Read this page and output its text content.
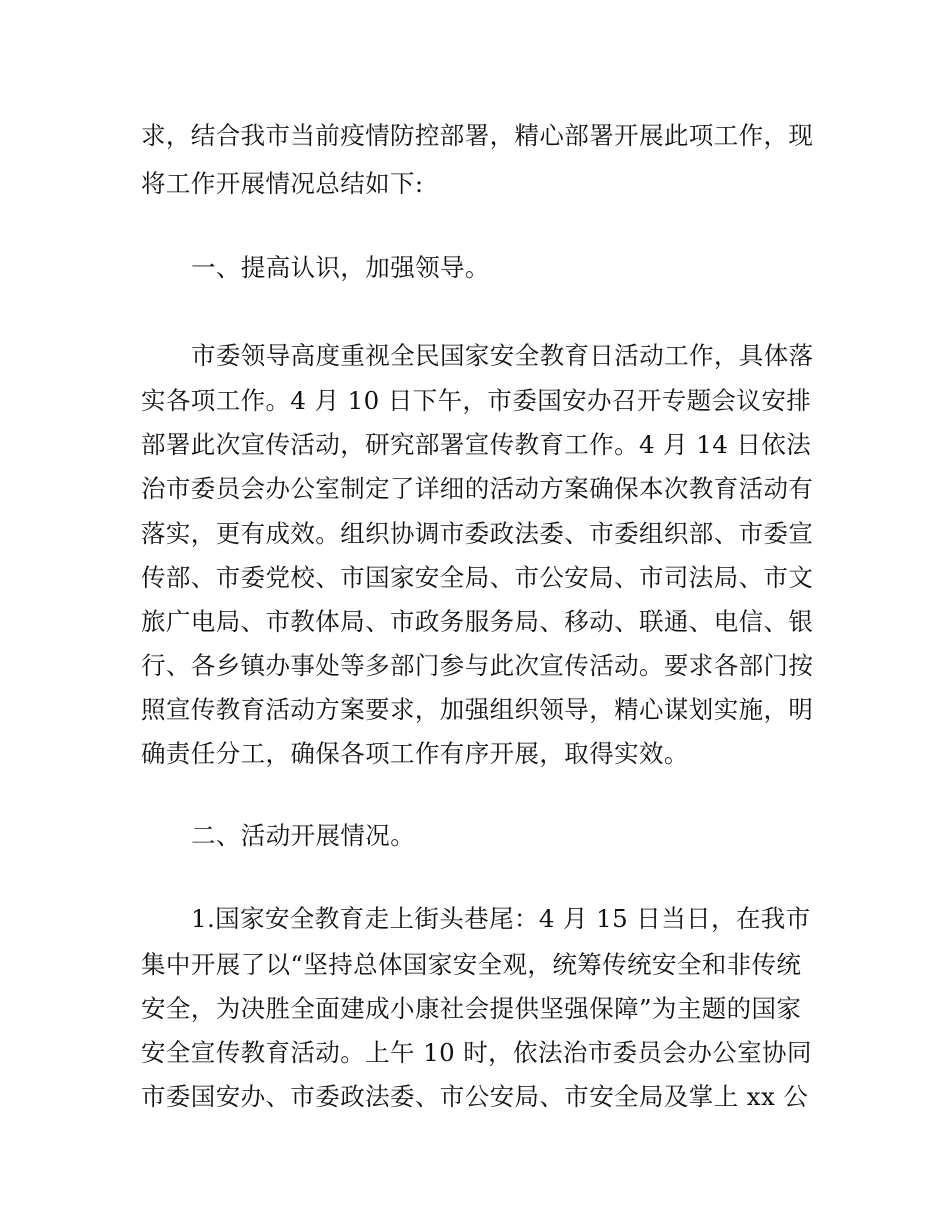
求，结合我市当前疫情防控部署，精心部署开展此项工作，现
将工作开展情况总结如下:
一、提高认识，加强领导。
市委领导高度重视全民国家安全教育日活动工作，具体落
实各项工作。4 月 10 日下午，市委国安办召开专题会议安排
部署此次宣传活动，研究部署宣传教育工作。4 月 14 日依法
治市委员会办公室制定了详细的活动方案确保本次教育活动有
落实，更有成效。组织协调市委政法委、市委组织部、市委宣
传部、市委党校、市国家安全局、市公安局、市司法局、市文
旅广电局、市教体局、市政务服务局、移动、联通、电信、银
行、各乡镇办事处等多部门参与此次宣传活动。要求各部门按
照宣传教育活动方案要求，加强组织领导，精心谋划实施，明
确责任分工，确保各项工作有序开展，取得实效。
二、活动开展情况。
1.国家安全教育走上街头巷尾：4 月 15 日当日，在我市
集中开展了以“坚持总体国家安全观，统筹传统安全和非传统
安全，为决胜全面建成小康社会提供坚强保障”为主题的国家
安全宣传教育活动。上午 10 时，依法治市委员会办公室协同
市委国安办、市委政法委、市公安局、市安全局及掌上 xx 公
